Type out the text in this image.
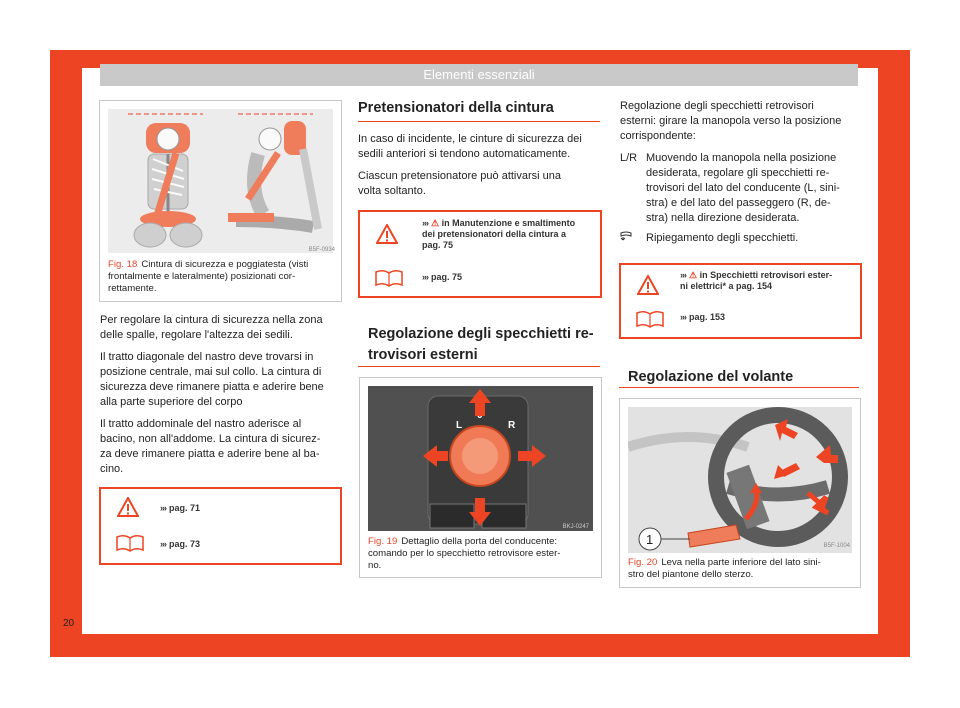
Elementi essenziali
B5F-0934
Fig. 18 Cintura di sicurezza e poggiatesta (visti
frontalmente e lateralmente) posizionati cor-
rettamente.

Per regolare la cintura di sicurezza nella zona
delle spalle, regolare l'altezza dei sedili.

Il tratto diagonale del nastro deve trovarsi in
posizione centrale, mai sul collo. La cintura di
sicurezza deve rimanere piatta e aderire bene
alla parte superiore del corpo

Il tratto addominale del nastro aderisce al
bacino, non all'addome. La cintura di sicurez-
za deve rimanere piatta e aderire bene al ba-
cino.

››› pag. 71
››› pag. 73
20
Pretensionatori della cintura

In caso di incidente, le cinture di sicurezza dei
sedili anteriori si tendono automaticamente.

Ciascun pretensionatore può attivarsi una
volta soltanto.

››› ⚠ in Manutenzione e smaltimento
dei pretensionatori della cintura a
pag. 75
››› pag. 75
Regolazione degli specchietti re-
trovisori esterni
L	R
BKJ-0247
Fig. 19 Dettaglio della porta del conducente:
comando per lo specchietto retrovisore ester-
no.

Regolazione degli specchietti retrovisori
esterni: girare la manopola verso la posizione
corrispondente:

L/R Muovendo la manopola nella posizione
desiderata, regolare gli specchietti re-
trovisori del lato del conducente (L, sini-
stra) e del lato del passeggero (R, de-
stra) nella direzione desiderata.
Ripiegamento degli specchietti.
››› ⚠ in Specchietti retrovisori ester-
ni elettrici* a pag. 154
››› pag. 153
Regolazione del volante
1	B5F-1004
Fig. 20 Leva nella parte inferiore del lato sini-
stro del piantone dello sterzo.
